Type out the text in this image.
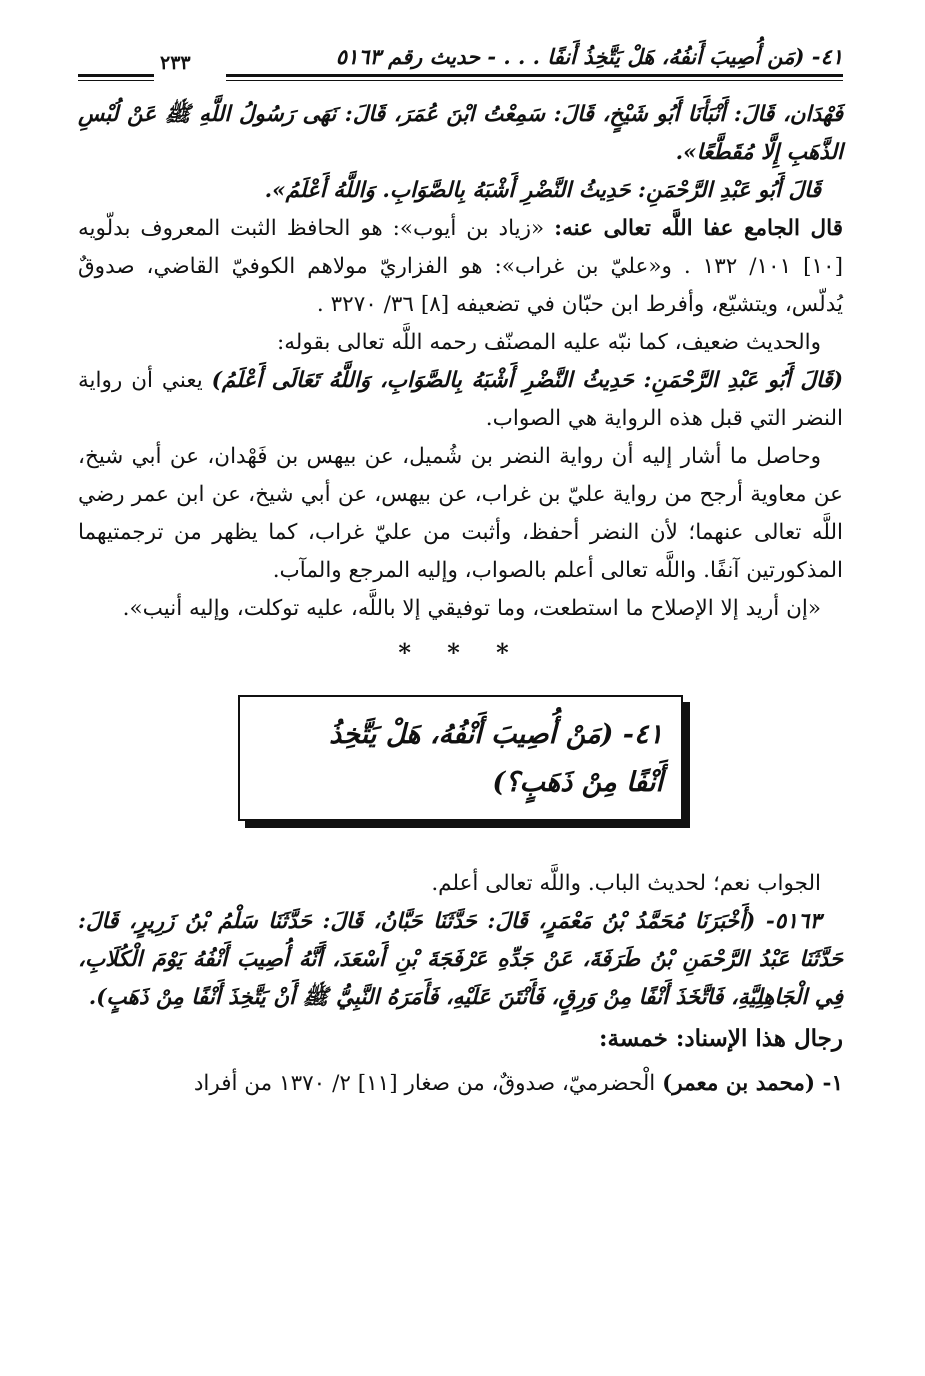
٤١- (مَن أُصِيبَ أَنفُهُ، هَلْ يَتَّخِذُ أَنفًا . . . - حديث رقم ٥١٦٣
٢٣٣

فَهْدَان، قَالَ: أَنْبَأَنَا أَبُو شَيْخٍ، قَالَ: سَمِعْتُ ابْنَ عُمَرَ، قَالَ: نَهَى رَسُولُ اللَّهِ ﷺ عَنْ لُبْسِ الذَّهَبِ إِلَّا مُقَطَّعًا».

قَالَ أَبُو عَبْدِ الرَّحْمَنِ: حَدِيثُ النَّضْرِ أَشْبَهُ بِالصَّوَابِ. وَاللَّهُ أَعْلَمُ».

قال الجامع عفا اللَّه تعالى عنه: «زياد بن أيوب»: هو الحافظ الثبت المعروف بدلّويه [١٠] ١٠١/ ١٣٢ . و«عليّ بن غراب»: هو الفزاريّ مولاهم الكوفيّ القاضي، صدوقٌ يُدلّس، ويتشيّع، وأفرط ابن حبّان في تضعيفه [٨] ٣٦/ ٣٢٧٠ .

والحديث ضعيف، كما نبّه عليه المصنّف رحمه اللَّه تعالى بقوله:

(قَالَ أَبُو عَبْدِ الرَّحْمَنِ: حَدِيثُ النَّضْرِ أَشْبَهُ بِالصَّوَابِ، وَاللَّهُ تَعَالَى أَعْلَمُ) يعني أن رواية النضر التي قبل هذه الرواية هي الصواب.

وحاصل ما أشار إليه أن رواية النضر بن شُميل، عن بيهس بن فَهْدان، عن أبي شيخ، عن معاوية أرجح من رواية عليّ بن غراب، عن بيهس، عن أبي شيخ، عن ابن عمر رضي اللَّه تعالى عنهما؛ لأن النضر أحفظ، وأثبت من عليّ غراب، كما يظهر من ترجمتيهما المذكورتين آنفًا. واللَّه تعالى أعلم بالصواب، وإليه المرجع والمآب.

«إن أريد إلا الإصلاح ما استطعت، وما توفيقي إلا باللَّه، عليه توكلت، وإليه أنيب».

* * *
٤١- (مَنْ أُصِيبَ أَنْفُهُ، هَلْ يَتَّخِذُ
أَنْفًا مِنْ ذَهَبٍ؟)

الجواب نعم؛ لحديث الباب. واللَّه تعالى أعلم.

٥١٦٣- (أَخْبَرَنَا مُحَمَّدُ بْنُ مَعْمَرٍ، قَالَ: حَدَّثَنَا حَبَّانُ، قَالَ: حَدَّثَنَا سَلْمُ بْنُ زَرِيرٍ، قَالَ: حَدَّثَنَا عَبْدُ الرَّحْمَنِ بْنُ طَرَفَةَ، عَنْ جَدِّهِ عَرْفَجَةَ بْنِ أَسْعَدَ، أَنَّهُ أُصِيبَ أَنْفُهُ يَوْمَ الْكُلَابِ، فِي الْجَاهِلِيَّةِ، فَاتَّخَذَ أَنْفًا مِنْ وَرِقٍ، فَأَنْتَنَ عَلَيْهِ، فَأَمَرَهُ النَّبِيُّ ﷺ أَنْ يَتَّخِذَ أَنْفًا مِنْ ذَهَبٍ).

رجال هذا الإسناد: خمسة:

١- (محمد بن معمر) الْحضرميّ، صدوقٌ، من صغار [١١] ٢/ ١٣٧٠ من أفراد
